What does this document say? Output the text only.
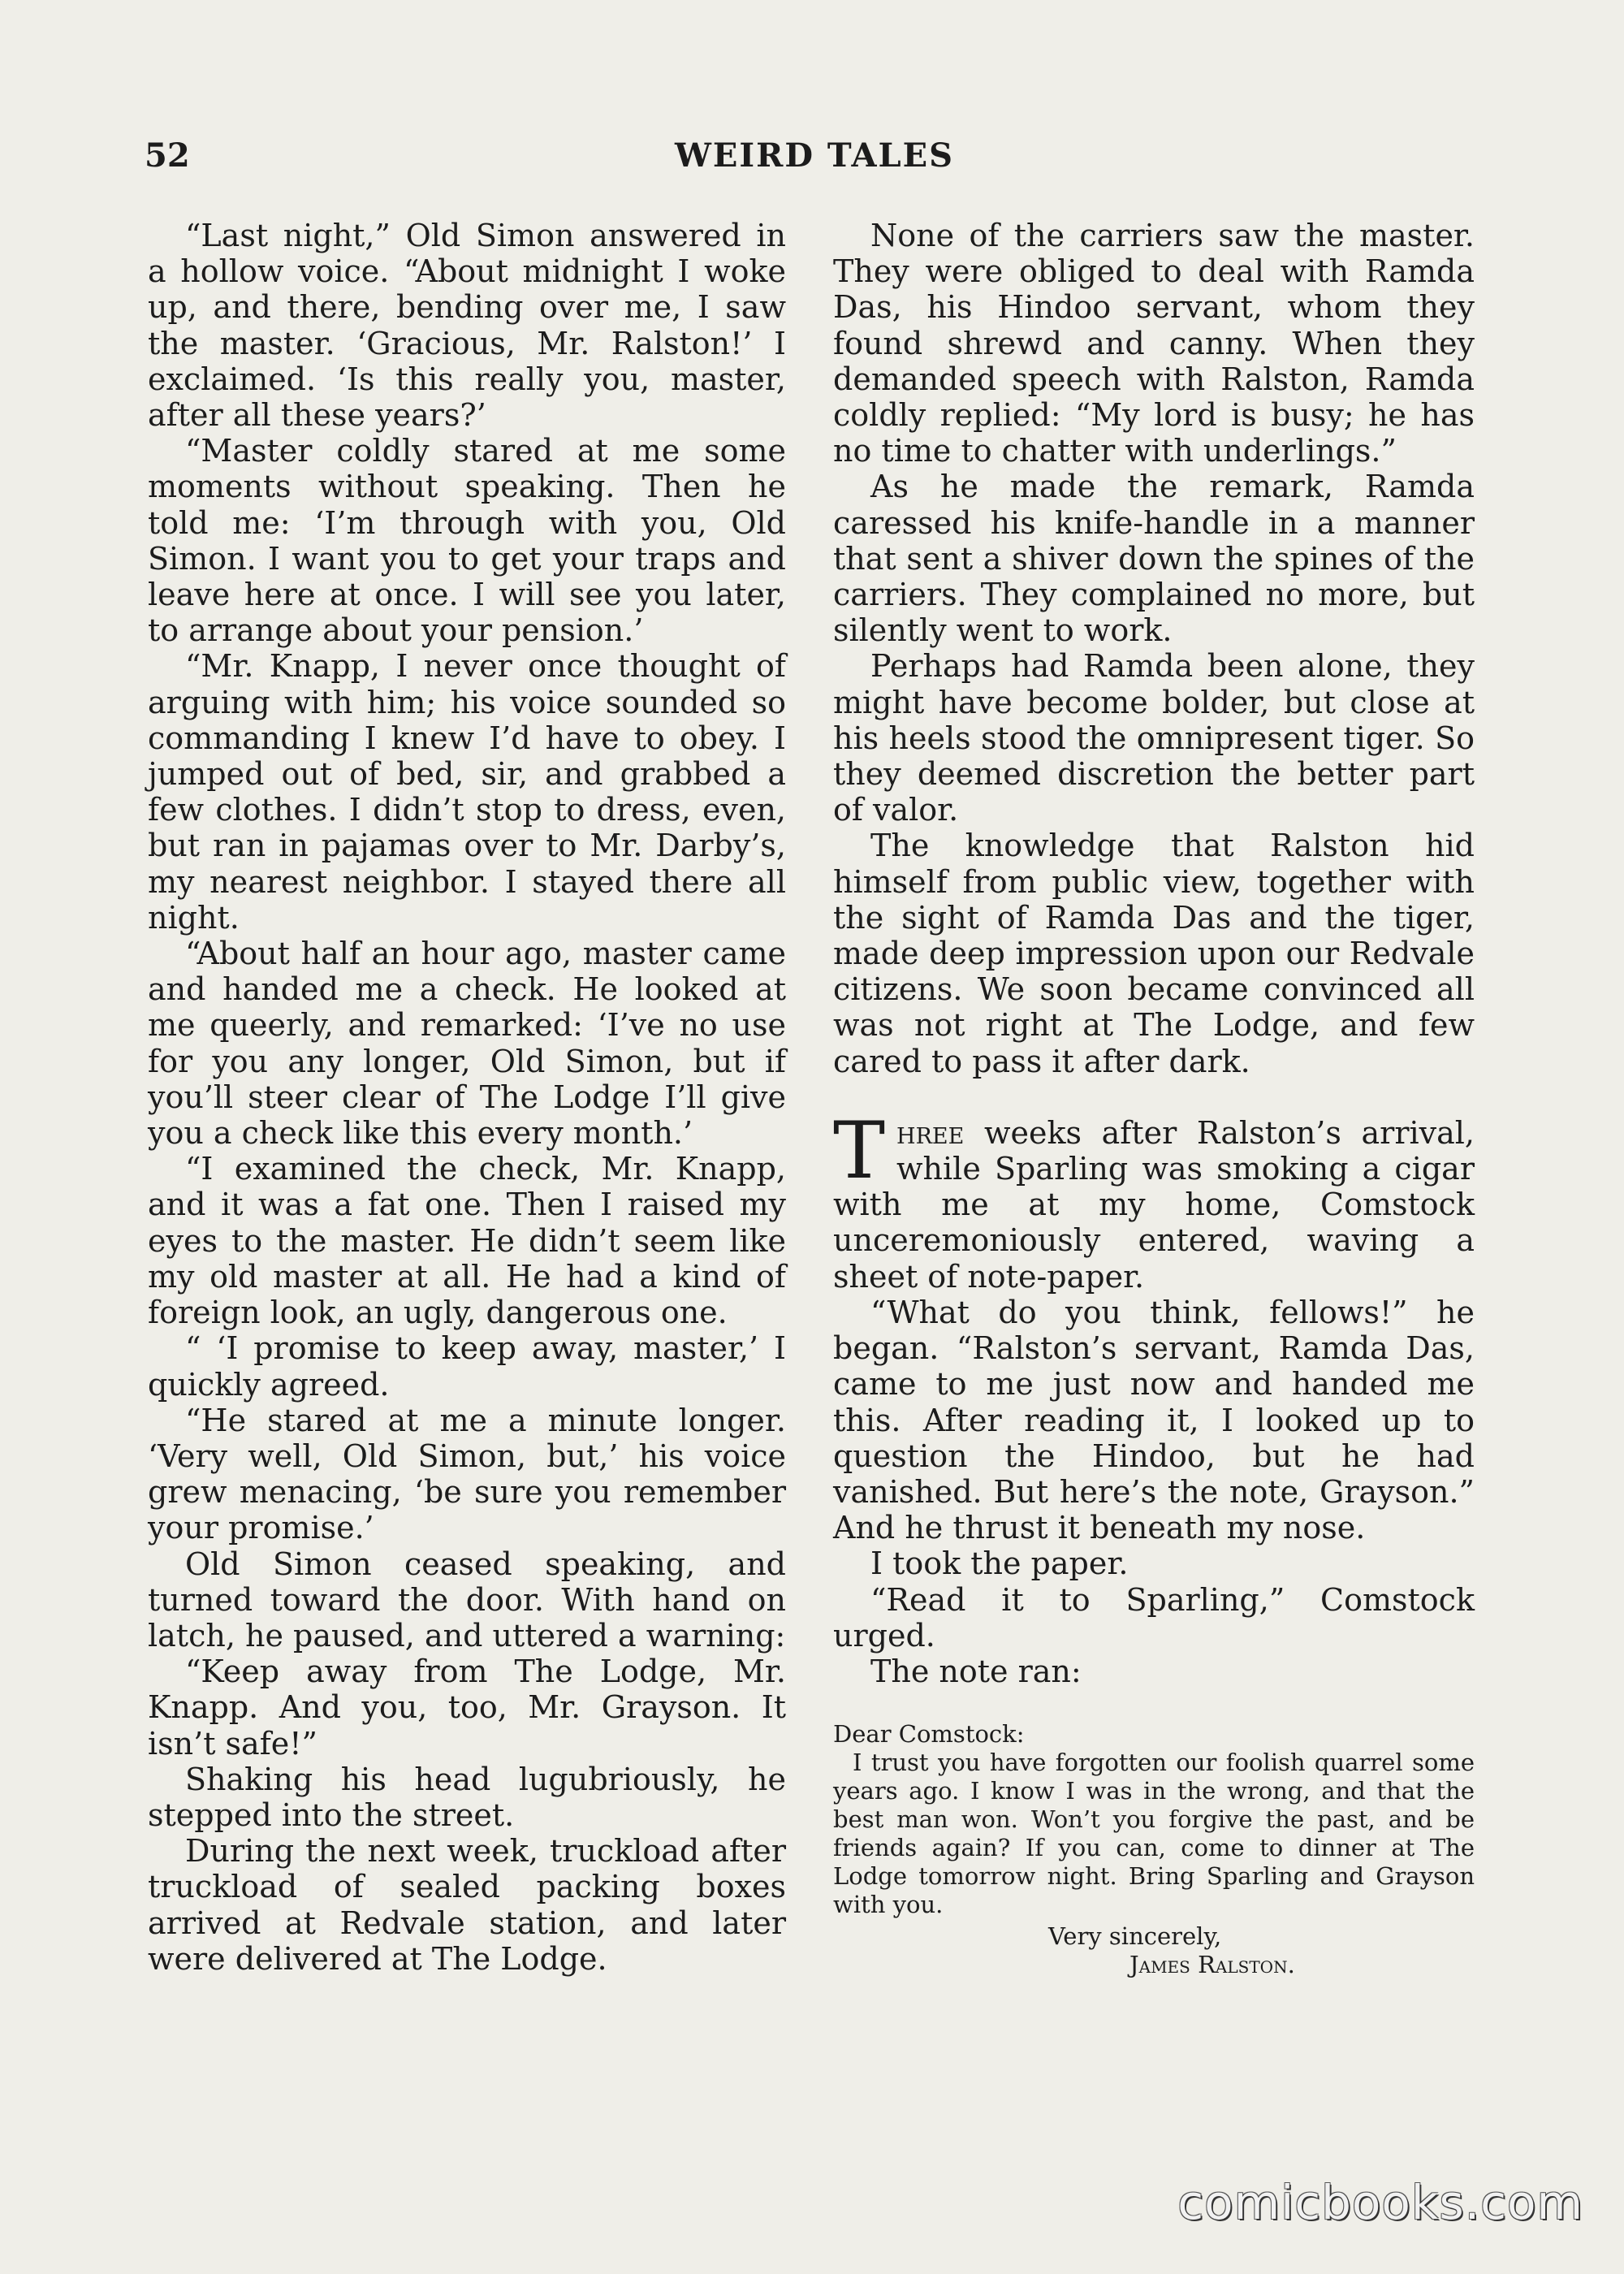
52	WEIRD TALES

“Last night,” Old Simon answered in a hollow voice. “About midnight I woke up, and there, bending over me, I saw the master. ‘Gracious, Mr. Ralston!’ I exclaimed. ‘Is this really you, master, after all these years?’

“Master coldly stared at me some moments without speaking. Then he told me: ‘I’m through with you, Old Simon. I want you to get your traps and leave here at once. I will see you later, to arrange about your pension.’

“Mr. Knapp, I never once thought of arguing with him; his voice sounded so commanding I knew I’d have to obey. I jumped out of bed, sir, and grabbed a few clothes. I didn’t stop to dress, even, but ran in pajamas over to Mr. Darby’s, my nearest neighbor. I stayed there all night.

“About half an hour ago, master came and handed me a check. He looked at me queerly, and remarked: ‘I’ve no use for you any longer, Old Simon, but if you’ll steer clear of The Lodge I’ll give you a check like this every month.’

“I examined the check, Mr. Knapp, and it was a fat one. Then I raised my eyes to the master. He didn’t seem like my old master at all. He had a kind of foreign look, an ugly, dangerous one.

“ ‘I promise to keep away, master,’ I quickly agreed.

“He stared at me a minute longer. ‘Very well, Old Simon, but,’ his voice grew menacing, ‘be sure you remember your promise.’

Old Simon ceased speaking, and turned toward the door. With hand on latch, he paused, and uttered a warning:

“Keep away from The Lodge, Mr. Knapp. And you, too, Mr. Grayson. It isn’t safe!”

Shaking his head lugubriously, he stepped into the street.

During the next week, truckload after truckload of sealed packing boxes arrived at Redvale station, and later were delivered at The Lodge.

None of the carriers saw the master. They were obliged to deal with Ramda Das, his Hindoo servant, whom they found shrewd and canny. When they demanded speech with Ralston, Ramda coldly replied: “My lord is busy; he has no time to chatter with underlings.”

As he made the remark, Ramda caressed his knife-handle in a manner that sent a shiver down the spines of the carriers. They complained no more, but silently went to work.

Perhaps had Ramda been alone, they might have become bolder, but close at his heels stood the omnipresent tiger. So they deemed discretion the better part of valor.

The knowledge that Ralston hid himself from public view, together with the sight of Ramda Das and the tiger, made deep impression upon our Redvale citizens. We soon became convinced all was not right at The Lodge, and few cared to pass it after dark.

Three weeks after Ralston’s arrival, while Sparling was smoking a cigar with me at my home, Comstock unceremoniously entered, waving a sheet of note-paper.

“What do you think, fellows!” he began. “Ralston’s servant, Ramda Das, came to me just now and handed me this. After reading it, I looked up to question the Hindoo, but he had vanished. But here’s the note, Grayson.” And he thrust it beneath my nose.

I took the paper.

“Read it to Sparling,” Comstock urged.

The note ran:

Dear Comstock:

I trust you have forgotten our foolish quarrel some years ago. I know I was in the wrong, and that the best man won. Won’t you forgive the past, and be friends again? If you can, come to dinner at The Lodge tomorrow night. Bring Sparling and Grayson with you.

Very sincerely,

James Ralston.

comicbooks.com
